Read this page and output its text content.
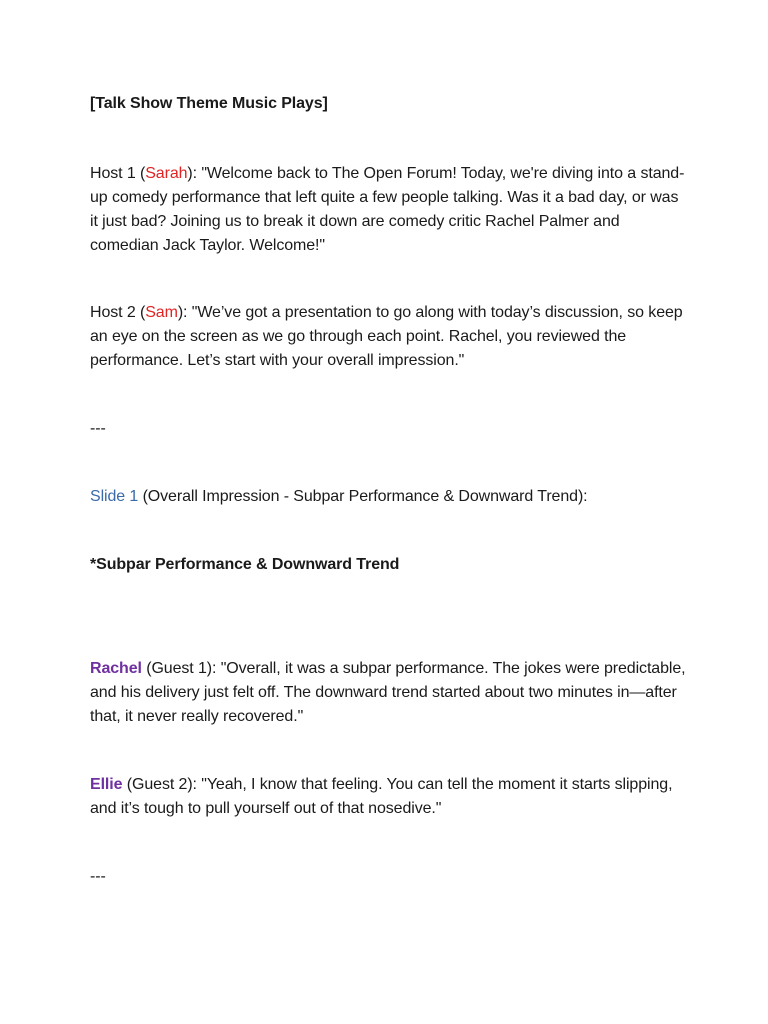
[Talk Show Theme Music Plays]

Host 1 (Sarah): "Welcome back to The Open Forum! Today, we're diving into a stand-up comedy performance that left quite a few people talking. Was it a bad day, or was it just bad? Joining us to break it down are comedy critic Rachel Palmer and comedian Jack Taylor. Welcome!"

Host 2 (Sam): "We’ve got a presentation to go along with today’s discussion, so keep an eye on the screen as we go through each point. Rachel, you reviewed the performance. Let’s start with your overall impression."

---

Slide 1 (Overall Impression - Subpar Performance & Downward Trend):

*Subpar Performance & Downward Trend

Rachel (Guest 1): "Overall, it was a subpar performance. The jokes were predictable, and his delivery just felt off. The downward trend started about two minutes in—after that, it never really recovered."

Ellie (Guest 2): "Yeah, I know that feeling. You can tell the moment it starts slipping, and it’s tough to pull yourself out of that nosedive."

---
